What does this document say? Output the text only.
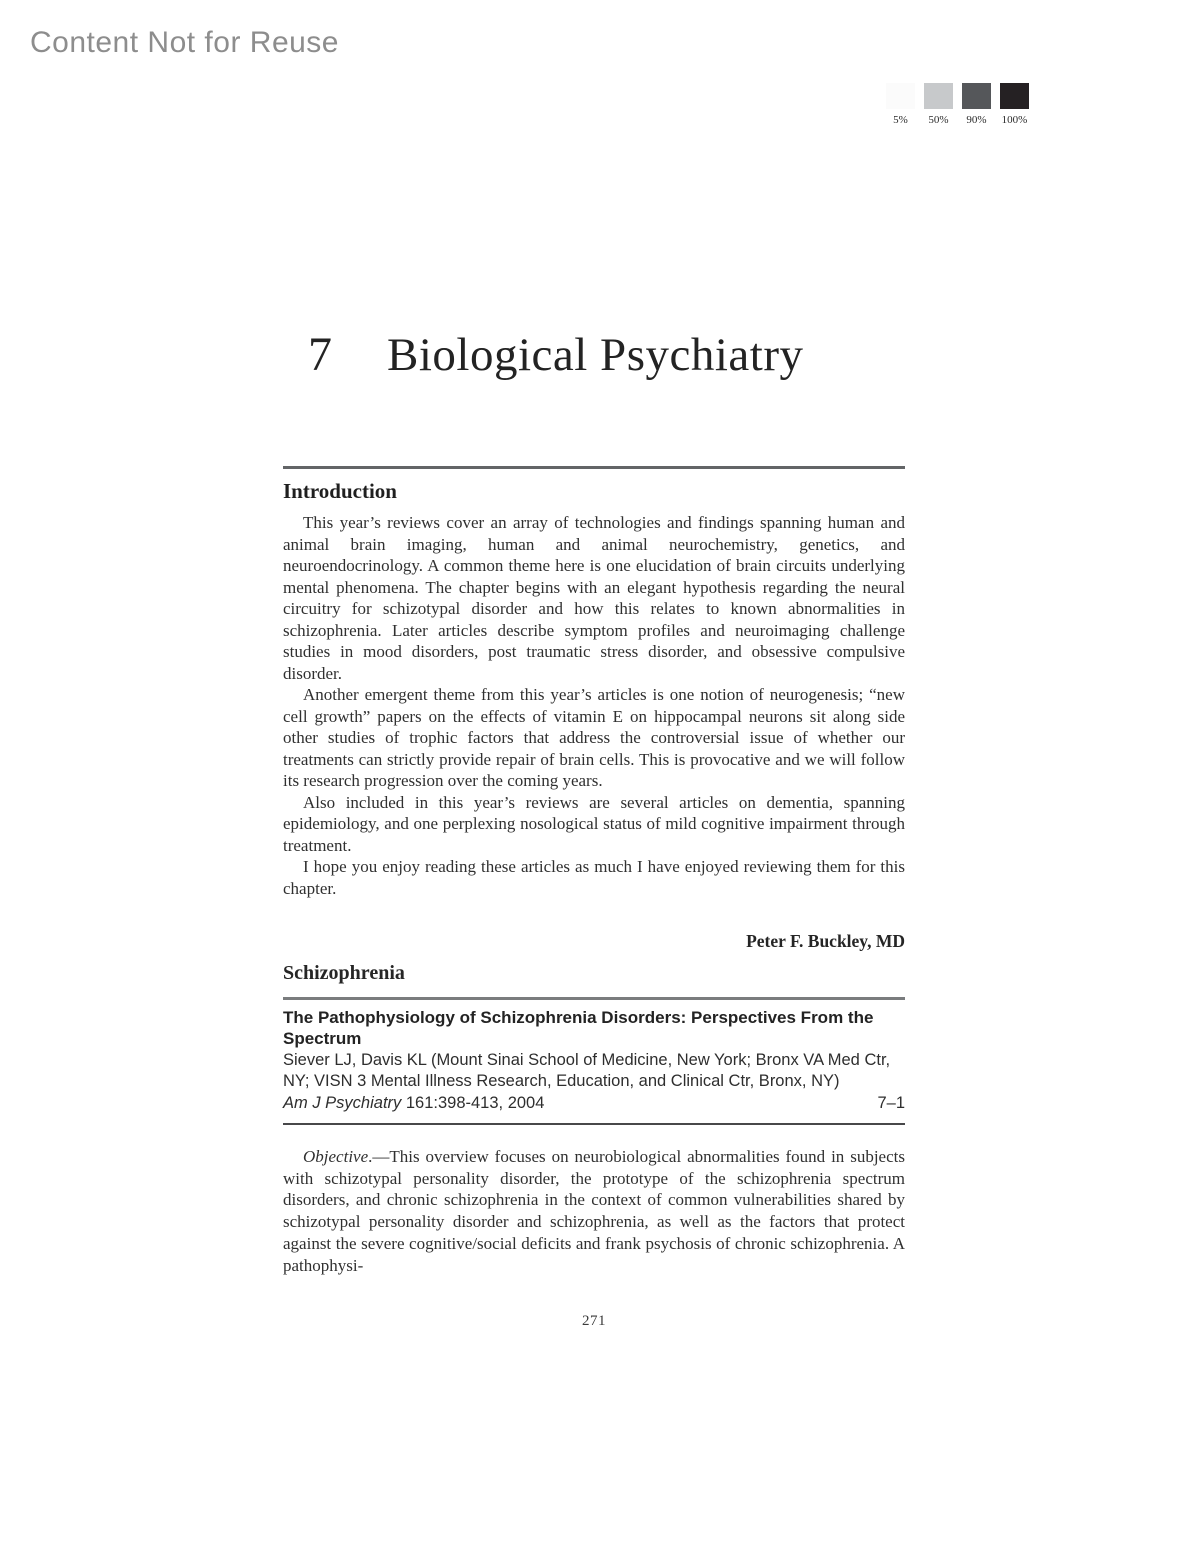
Content Not for Reuse
5%	50%	90%	100%
7 Biological Psychiatry
Introduction

This year’s reviews cover an array of technologies and findings spanning human and animal brain imaging, human and animal neurochemistry, genetics, and neuroendocrinology. A common theme here is one elucidation of brain circuits underlying mental phenomena. The chapter begins with an elegant hypothesis regarding the neural circuitry for schizotypal disorder and how this relates to known abnormalities in schizophrenia. Later articles describe symptom profiles and neuroimaging challenge studies in mood disorders, post traumatic stress disorder, and obsessive compulsive disorder.

Another emergent theme from this year’s articles is one notion of neurogenesis; “new cell growth” papers on the effects of vitamin E on hippocampal neurons sit along side other studies of trophic factors that address the controversial issue of whether our treatments can strictly provide repair of brain cells. This is provocative and we will follow its research progression over the coming years.

Also included in this year’s reviews are several articles on dementia, spanning epidemiology, and one perplexing nosological status of mild cognitive impairment through treatment.

I hope you enjoy reading these articles as much I have enjoyed reviewing them for this chapter.

Peter F. Buckley, MD
Schizophrenia
The Pathophysiology of Schizophrenia Disorders: Perspectives From the Spectrum
Siever LJ, Davis KL (Mount Sinai School of Medicine, New York; Bronx VA Med Ctr, NY; VISN 3 Mental Illness Research, Education, and Clinical Ctr, Bronx, NY)
Am J Psychiatry 161:398-413, 2004	7–1

Objective.—This overview focuses on neurobiological abnormalities found in subjects with schizotypal personality disorder, the prototype of the schizophrenia spectrum disorders, and chronic schizophrenia in the context of common vulnerabilities shared by schizotypal personality disorder and schizophrenia, as well as the factors that protect against the severe cognitive/social deficits and frank psychosis of chronic schizophrenia. A pathophysi-

271
